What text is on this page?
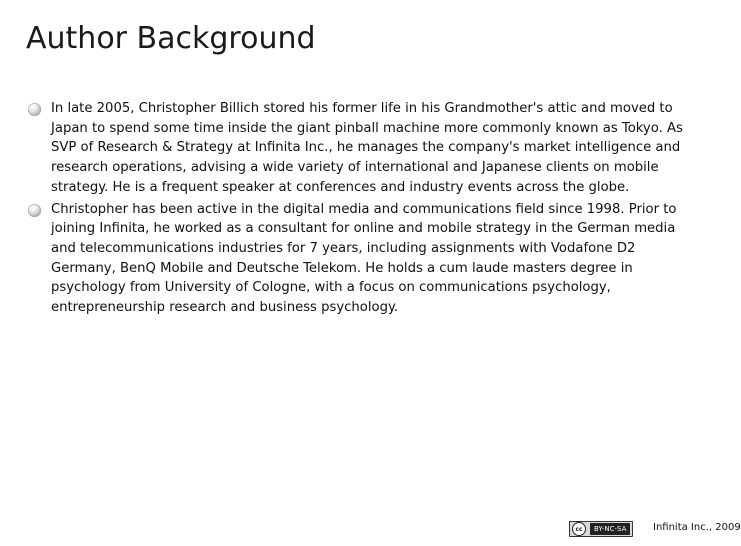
Author Background

In late 2005, Christopher Billich stored his former life in his Grandmother's attic and moved to Japan to spend some time inside the giant pinball machine more commonly known as Tokyo. As SVP of Research & Strategy at Infinita Inc., he manages the company's market intelligence and research operations, advising a wide variety of international and Japanese clients on mobile strategy. He is a frequent speaker at conferences and industry events across the globe.

Christopher has been active in the digital media and communications field since 1998. Prior to joining Infinita, he worked as a consultant for online and mobile strategy in the German media and telecommunications industries for 7 years, including assignments with Vodafone D2 Germany, BenQ Mobile and Deutsche Telekom. He holds a cum laude masters degree in psychology from University of Cologne, with a focus on communications psychology, entrepreneurship research and business psychology.

cc	BY-NC-SA	Infinita Inc., 2009
